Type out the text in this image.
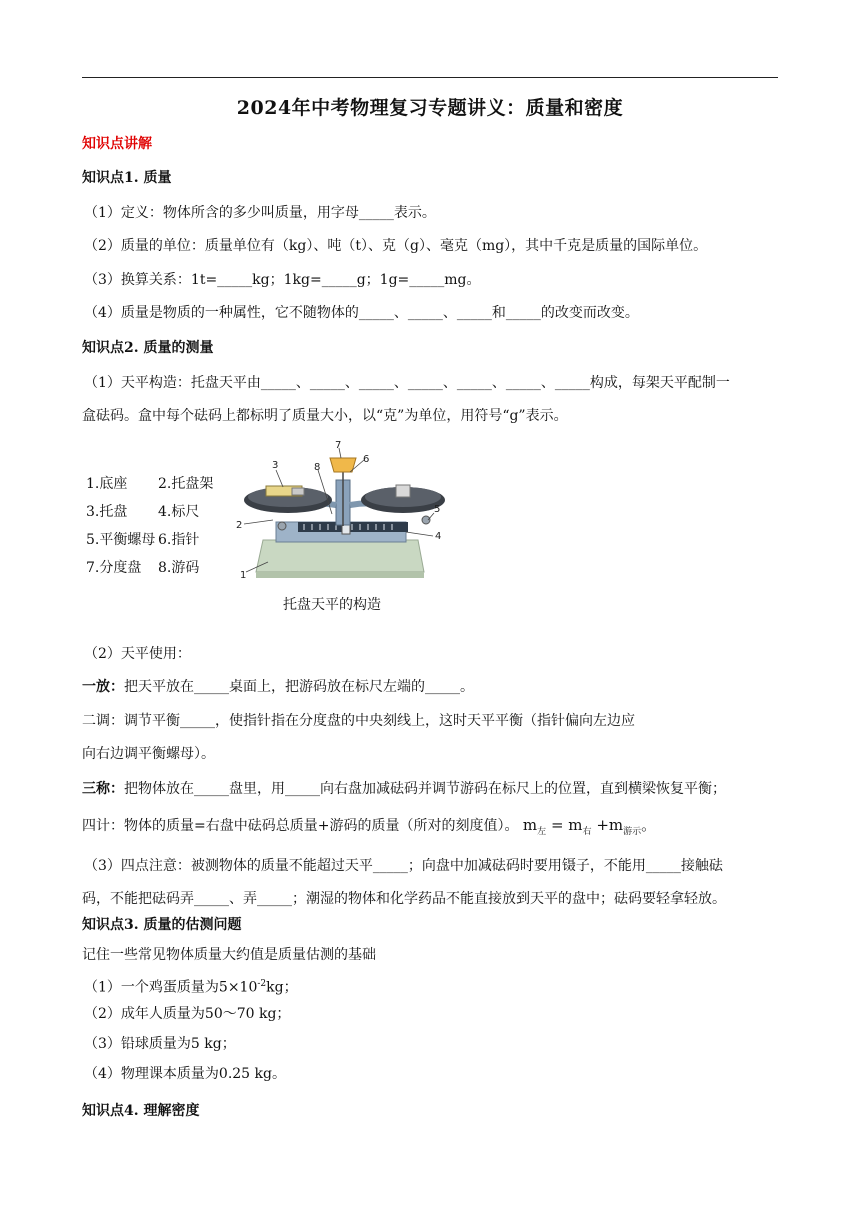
2024年中考物理复习专题讲义：质量和密度
知识点讲解
知识点1. 质量
（1）定义：物体所含的多少叫质量，用字母_____表示。
（2）质量的单位：质量单位有（kg）、吨（t）、克（g）、毫克（mg），其中千克是质量的国际单位。
（3）换算关系：1t=_____kg；1kg=_____g；1g=_____mg。
（4）质量是物质的一种属性，它不随物体的_____、_____、_____和_____的改变而改变。
知识点2. 质量的测量
（1）天平构造：托盘天平由_____、_____、_____、_____、_____、_____、_____构成，每架天平配制一
盒砝码。盒中每个砝码上都标明了质量大小，以“克”为单位，用符号“g”表示。
1.底座	2.托盘架
3.托盘	4.标尺
5.平衡螺母 6.指针
7.分度盘	8.游码	1
2
3
4
5
6
7
8
托盘天平的构造
（2）天平使用：
一放：把天平放在_____桌面上，把游码放在标尺左端的_____。
二调：调节平衡_____，使指针指在分度盘的中央刻线上，这时天平平衡（指针偏向左边应
向右边调平衡螺母）。
三称：把物体放在_____盘里，用_____向右盘加减砝码并调节游码在标尺上的位置，直到横梁恢复平衡；
四计：物体的质量=右盘中砝码总质量+游码的质量（所对的刻度值）。 $m_左 = m_右 +m_{游示}$。
（3）四点注意：被测物体的质量不能超过天平_____；向盘中加减砝码时要用镊子，不能用_____接触砝
码，不能把砝码弄_____、弄_____；潮湿的物体和化学药品不能直接放到天平的盘中；砝码要轻拿轻放。
知识点3. 质量的估测问题
记住一些常见物体质量大约值是质量估测的基础
（1）一个鸡蛋质量为$5\times 10^{-2}kg$；
（2）成年人质量为50～70 kg；
（3）铅球质量为5 kg；
（4）物理课本质量为0.25 kg。
知识点4. 理解密度
